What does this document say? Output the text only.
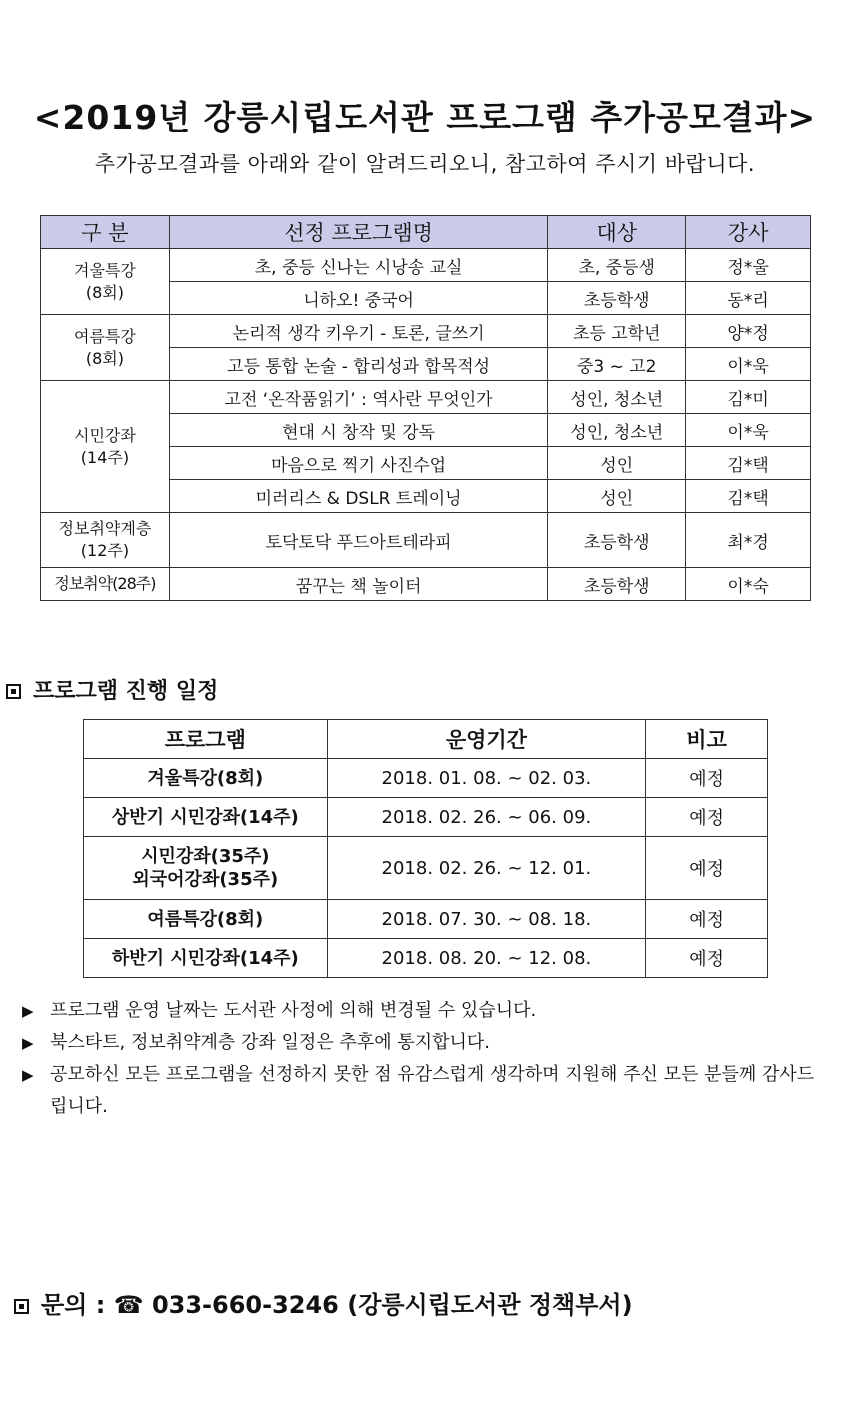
<2019년 강릉시립도서관 프로그램 추가공모결과>
추가공모결과를 아래와 같이 알려드리오니, 참고하여 주시기 바랍니다.
구 분	선정 프로그램명	대상	강사
겨울특강
(8회)	초, 중등 신나는 시낭송 교실	초, 중등생	정*울
	니하오! 중국어	초등학생	동*리
여름특강
(8회)	논리적 생각 키우기 - 토론, 글쓰기	초등 고학년	양*정
	고등 통합 논술 - 합리성과 합목적성	중3 ~ 고2	이*욱
시민강좌
(14주)	고전 ‘온작품읽기’ : 역사란 무엇인가	성인, 청소년	김*미
	현대 시 창작 및 강독	성인, 청소년	이*욱
	마음으로 찍기 사진수업	성인	김*택
	미러리스 & DSLR 트레이닝	성인	김*택
정보취약계층
(12주)	토닥토닥 푸드아트테라피	초등학생	최*경
정보취약(28주)	꿈꾸는 책 놀이터	초등학생	이*숙
프로그램 진행 일정
프로그램	운영기간	비고
겨울특강(8회)	2018. 01. 08. ~ 02. 03.	예정
상반기 시민강좌(14주)	2018. 02. 26. ~ 06. 09.	예정
시민강좌(35주)
외국어강좌(35주)	2018. 02. 26. ~ 12. 01.	예정
여름특강(8회)	2018. 07. 30. ~ 08. 18.	예정
하반기 시민강좌(14주)	2018. 08. 20. ~ 12. 08.	예정
▶ 프로그램 운영 날짜는 도서관 사정에 의해 변경될 수 있습니다.
▶ 북스타트, 정보취약계층 강좌 일정은 추후에 통지합니다.
▶ 공모하신 모든 프로그램을 선정하지 못한 점 유감스럽게 생각하며 지원해 주신 모든 분들께 감사드립니다.
문의 : ☎ 033-660-3246 (강릉시립도서관 정책부서)
